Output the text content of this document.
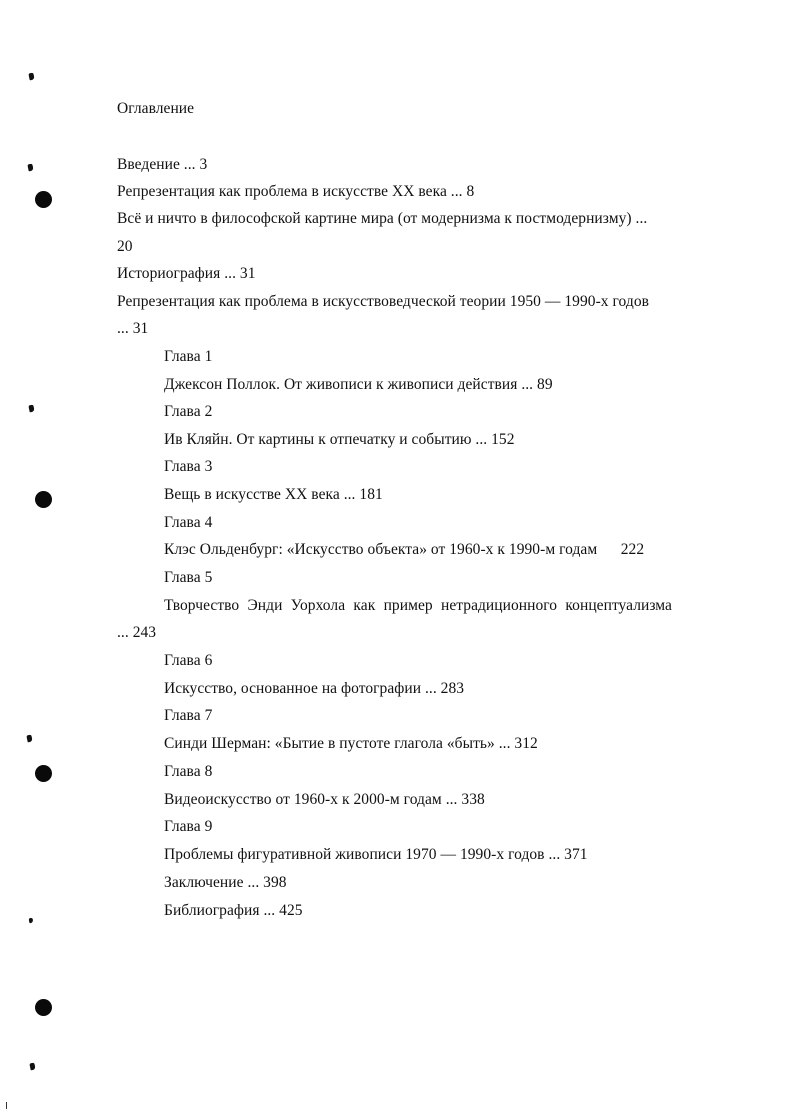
Оглавление
Введение ... 3
Репрезентация как проблема в искусстве XX века ... 8
Всё и ничто в философской картине мира (от модернизма к постмодернизму) ...
20
Историография ... 31
Репрезентация как проблема в искусствоведческой теории 1950 — 1990-х годов
... 31
Глава 1
Джексон Поллок. От живописи к живописи действия ... 89
Глава 2
Ив Кляйн. От картины к отпечатку и событию ... 152
Глава 3
Вещь в искусстве XX века ... 181
Глава 4
Клэс Ольденбург: «Искусство объекта» от 1960-х к 1990-м годам      222
Глава 5
Творчество Энди Уорхола как пример нетрадиционного концептуализма
... 243
Глава 6
Искусство, основанное на фотографии ... 283
Глава 7
Синди Шерман: «Бытие в пустоте глагола «быть» ... 312
Глава 8
Видеоискусство от 1960-х к 2000-м годам ... 338
Глава 9
Проблемы фигуративной живописи 1970 — 1990-х годов ... 371
Заключение ... 398
Библиография ... 425
